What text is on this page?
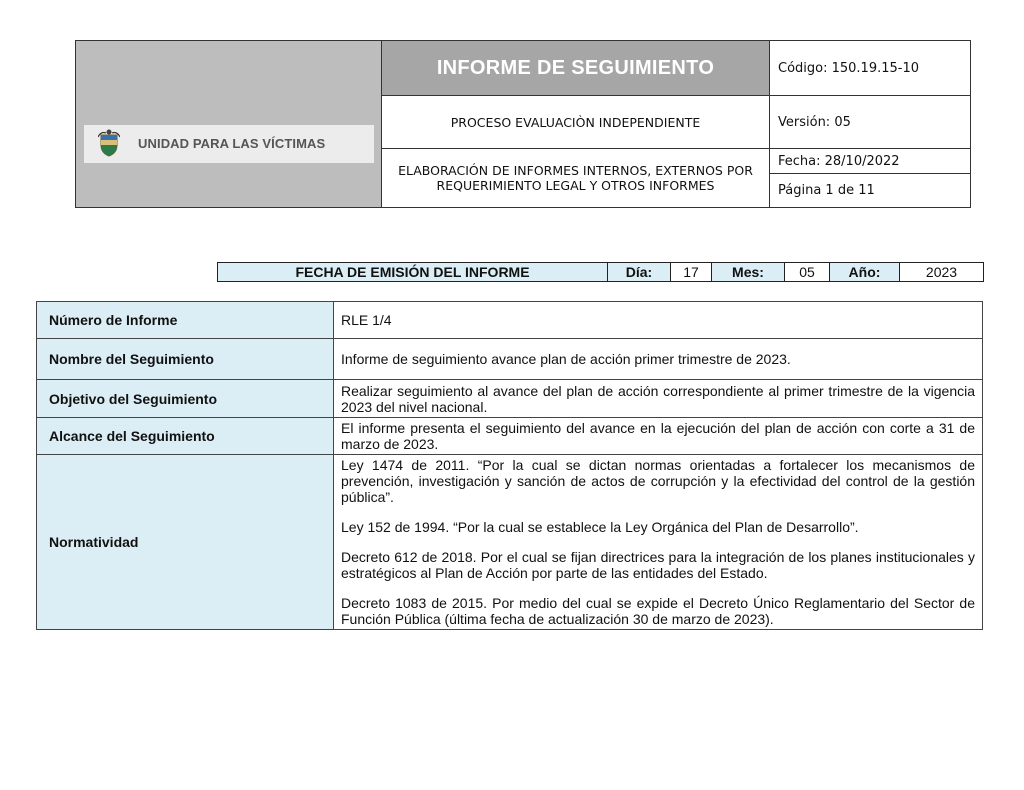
UNIDAD PARA LAS VÍCTIMAS
INFORME DE SEGUIMIENTO
PROCESO EVALUACIÒN INDEPENDIENTE
ELABORACIÓN DE INFORMES INTERNOS, EXTERNOS POR REQUERIMIENTO LEGAL Y OTROS INFORMES
Código: 150.19.15-10
Versión: 05
Fecha: 28/10/2022
Página 1 de 11
FECHA DE EMISIÓN DEL INFORME	Día:	17	Mes:	05	Año:	2023
Número de Informe	RLE 1/4
Nombre del Seguimiento	Informe de seguimiento avance plan de acción primer trimestre de 2023.
Objetivo del Seguimiento	Realizar seguimiento al avance del plan de acción correspondiente al primer trimestre de la vigencia 2023 del nivel nacional.
Alcance del Seguimiento	El informe presenta el seguimiento del avance en la ejecución del plan de acción con corte a 31 de marzo de 2023.
Normatividad	Ley 1474 de 2011. “Por la cual se dictan normas orientadas a fortalecer los mecanismos de prevención, investigación y sanción de actos de corrupción y la efectividad del control de la gestión pública”.

Ley 152 de 1994. “Por la cual se establece la Ley Orgánica del Plan de Desarrollo”.

Decreto 612 de 2018. Por el cual se fijan directrices para la integración de los planes institucionales y estratégicos al Plan de Acción por parte de las entidades del Estado.

Decreto 1083 de 2015. Por medio del cual se expide el Decreto Único Reglamentario del Sector de Función Pública (última fecha de actualización 30 de marzo de 2023).
